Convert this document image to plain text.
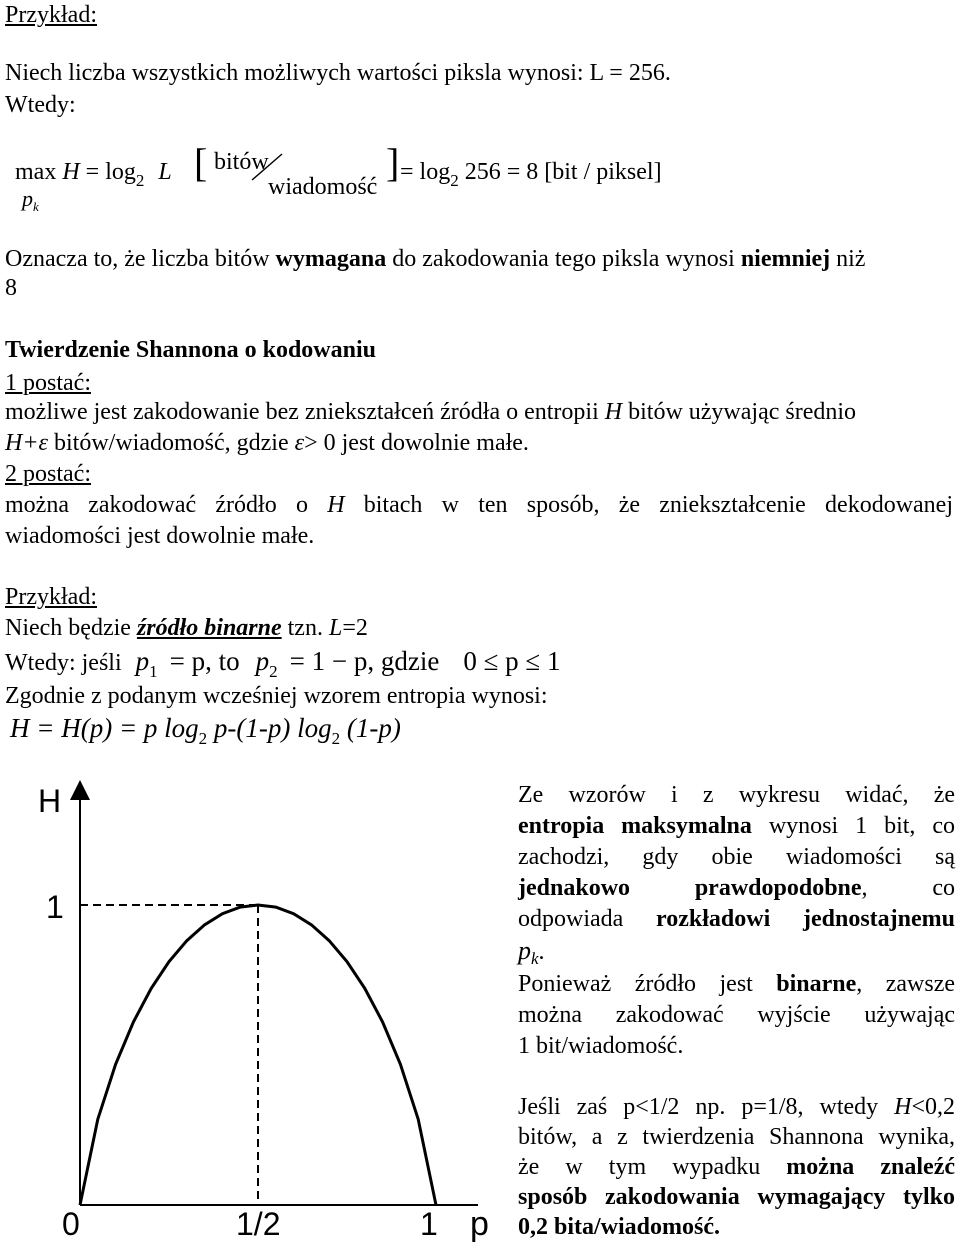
Przykład:
Niech liczba wszystkich możliwych wartości piksla wynosi: L = 256.
Wtedy:
$\max H = \log_2 L$
$p_k$
[ bitów
wiadomość
] = $\log_2 256 = 8$ [bit / piksel]
Oznacza to, że liczba bitów wymagana do zakodowania tego piksla wynosi niemniej niż
8
Twierdzenie Shannona o kodowaniu
1 postać:
możliwe jest zakodowanie bez zniekształceń źródła o entropii H bitów używając średnio
H+ε bitów/wiadomość, gdzie ε> 0 jest dowolnie małe.
2 postać:
można zakodować źródło o H bitach w ten sposób, że zniekształcenie dekodowanej
wiadomości jest dowolnie małe.
Przykład:
Niech będzie źródło binarne tzn. L=2
Wtedy: jeśli $p_1 = p$, to $p_2 = 1 - p$, gdzie 0 ≤ p ≤ 1
Zgodnie z podanym wcześniej wzorem entropia wynosi:
H = H(p) = p $\log_2 p-(1-p)$ $\log_2 (1-p)$
H
1
0	1/2	1 p
Ze wzorów i z wykresu widać, że
entropia maksymalna wynosi 1 bit, co
zachodzi, gdy obie wiadomości są
jednakowo prawdopodobne, co
odpowiada rozkładowi jednostajnemu
$p_k$.
Ponieważ źródło jest binarne, zawsze
można zakodować wyjście używając
1 bit/wiadomość.
Jeśli zaś p<1/2 np. p=1/8, wtedy H<0,2
bitów, a z twierdzenia Shannona wynika,
że w tym wypadku można znaleźć
sposób zakodowania wymagający tylko
0,2 bita/wiadomość.
